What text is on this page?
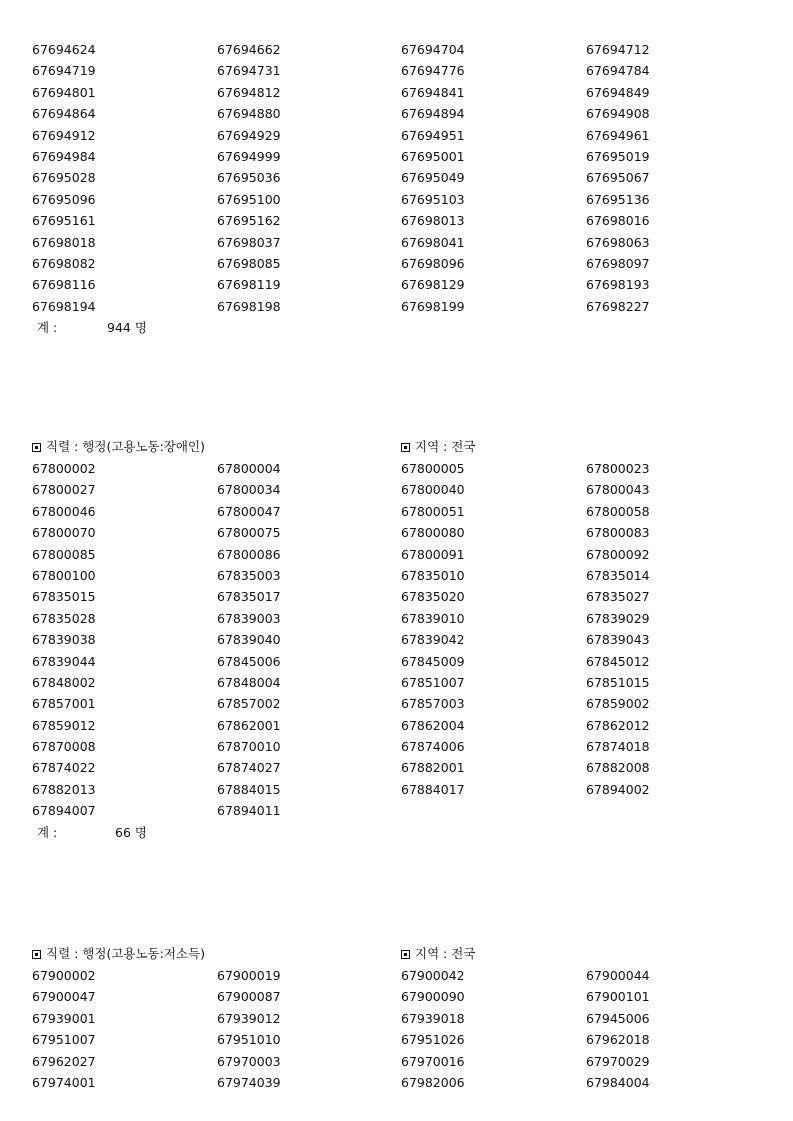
67694624	67694662	67694704	67694712
67694719	67694731	67694776	67694784
67694801	67694812	67694841	67694849
67694864	67694880	67694894	67694908
67694912	67694929	67694951	67694961
67694984	67694999	67695001	67695019
67695028	67695036	67695049	67695067
67695096	67695100	67695103	67695136
67695161	67695162	67698013	67698016
67698018	67698037	67698041	67698063
67698082	67698085	67698096	67698097
67698116	67698119	67698129	67698193
67698194	67698198	67698199	67698227
계 :	944 명
직렬 : 행정(고용노동:장애인)	지역 : 전국
67800002	67800004	67800005	67800023
67800027	67800034	67800040	67800043
67800046	67800047	67800051	67800058
67800070	67800075	67800080	67800083
67800085	67800086	67800091	67800092
67800100	67835003	67835010	67835014
67835015	67835017	67835020	67835027
67835028	67839003	67839010	67839029
67839038	67839040	67839042	67839043
67839044	67845006	67845009	67845012
67848002	67848004	67851007	67851015
67857001	67857002	67857003	67859002
67859012	67862001	67862004	67862012
67870008	67870010	67874006	67874018
67874022	67874027	67882001	67882008
67882013	67884015	67884017	67894002
67894007	67894011
계 :	66 명
직렬 : 행정(고용노동:저소득)	지역 : 전국
67900002	67900019	67900042	67900044
67900047	67900087	67900090	67900101
67939001	67939012	67939018	67945006
67951007	67951010	67951026	67962018
67962027	67970003	67970016	67970029
67974001	67974039	67982006	67984004
